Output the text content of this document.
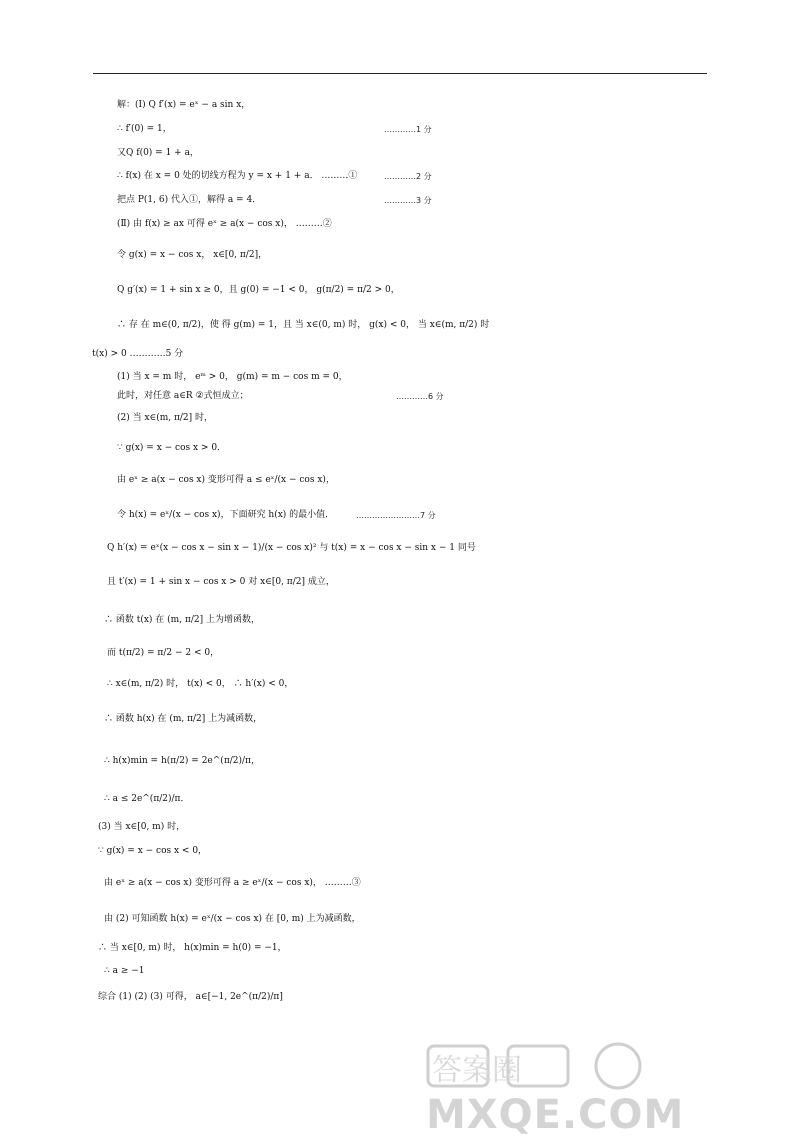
解：(Ⅰ) Q f′(x) = eˣ − a sin x，
∴ f′(0) = 1，
又Q f(0) = 1 + a，
∴ f(x) 在 x = 0 处的切线方程为 y = x + 1 + a． ………①
把点 P(1, 6) 代入①，解得 a = 4．
(Ⅱ) 由 f(x) ≥ ax 可得 eˣ ≥ a(x − cos x)， ………②
令 g(x) = x − cos x， x∈[0, π/2]，
Q g′(x) = 1 + sin x ≥ 0，且 g(0) = −1 < 0， g(π/2) = π/2 > 0，
∴ 存 在 m∈(0, π/2)，使 得 g(m) = 1，且 当 x∈(0, m) 时， g(x) < 0， 当 x∈(m, π/2) 时
t(x) > 0 …………5 分
(1) 当 x = m 时， eᵐ > 0， g(m) = m − cos m = 0，
此时，对任意 a∈R ②式恒成立；
(2) 当 x∈(m, π/2] 时，
∵ g(x) = x − cos x > 0．
由 eˣ ≥ a(x − cos x) 变形可得 a ≤ eˣ/(x − cos x)，
令 h(x) = eˣ/(x − cos x)，下面研究 h(x) 的最小值．
Q h′(x) = eˣ(x − cos x − sin x − 1)/(x − cos x)² 与 t(x) = x − cos x − sin x − 1 同号
且 t′(x) = 1 + sin x − cos x > 0 对 x∈[0, π/2] 成立，
∴ 函数 t(x) 在 (m, π/2] 上为增函数，
而 t(π/2) = π/2 − 2 < 0，
∴ x∈(m, π/2) 时， t(x) < 0， ∴ h′(x) < 0，
∴ 函数 h(x) 在 (m, π/2] 上为减函数，
∴ h(x)min = h(π/2) = 2e^(π/2)/π，
∴ a ≤ 2e^(π/2)/π．
(3) 当 x∈[0, m) 时，
∵ g(x) = x − cos x < 0，
由 eˣ ≥ a(x − cos x) 变形可得 a ≥ eˣ/(x − cos x)， ………③
由 (2) 可知函数 h(x) = eˣ/(x − cos x) 在 [0, m) 上为减函数，
∴ 当 x∈[0, m) 时， h(x)min = h(0) = −1，
∴ a ≥ −1
综合 (1) (2) (3) 可得， a∈[−1, 2e^(π/2)/π]
…………1 分
…………2 分
…………3 分
…………6 分
……………………7 分
答案圈
MXQE.COM
